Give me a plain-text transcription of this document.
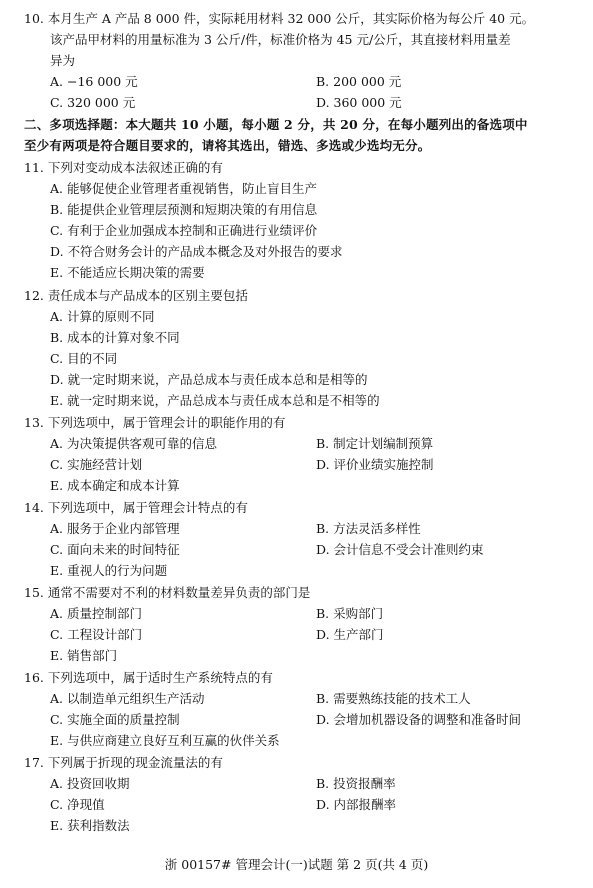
10. 本月生产 A 产品 8 000 件，实际耗用材料 32 000 公斤，其实际价格为每公斤 40 元。
该产品甲材料的用量标准为 3 公斤/件，标准价格为 45 元/公斤，其直接材料用量差
异为
A. −16 000 元	B. 200 000 元
C. 320 000 元	D. 360 000 元
二、多项选择题：本大题共 10 小题，每小题 2 分，共 20 分，在每小题列出的备选项中
至少有两项是符合题目要求的，请将其选出，错选、多选或少选均无分。
11. 下列对变动成本法叙述正确的有
A. 能够促使企业管理者重视销售，防止盲目生产
B. 能提供企业管理层预测和短期决策的有用信息
C. 有利于企业加强成本控制和正确进行业绩评价
D. 不符合财务会计的产品成本概念及对外报告的要求
E. 不能适应长期决策的需要
12. 责任成本与产品成本的区别主要包括
A. 计算的原则不同
B. 成本的计算对象不同
C. 目的不同
D. 就一定时期来说，产品总成本与责任成本总和是相等的
E. 就一定时期来说，产品总成本与责任成本总和是不相等的
13. 下列选项中，属于管理会计的职能作用的有
A. 为决策提供客观可靠的信息	B. 制定计划编制预算
C. 实施经营计划	D. 评价业绩实施控制
E. 成本确定和成本计算
14. 下列选项中，属于管理会计特点的有
A. 服务于企业内部管理	B. 方法灵活多样性
C. 面向未来的时间特征	D. 会计信息不受会计准则约束
E. 重视人的行为问题
15. 通常不需要对不利的材料数量差异负责的部门是
A. 质量控制部门	B. 采购部门
C. 工程设计部门	D. 生产部门
E. 销售部门
16. 下列选项中，属于适时生产系统特点的有
A. 以制造单元组织生产活动	B. 需要熟练技能的技术工人
C. 实施全面的质量控制	D. 会增加机器设备的调整和准备时间
E. 与供应商建立良好互利互赢的伙伴关系
17. 下列属于折现的现金流量法的有
A. 投资回收期	B. 投资报酬率
C. 净现值	D. 内部报酬率
E. 获利指数法
浙 00157# 管理会计(一)试题 第 2 页(共 4 页)
